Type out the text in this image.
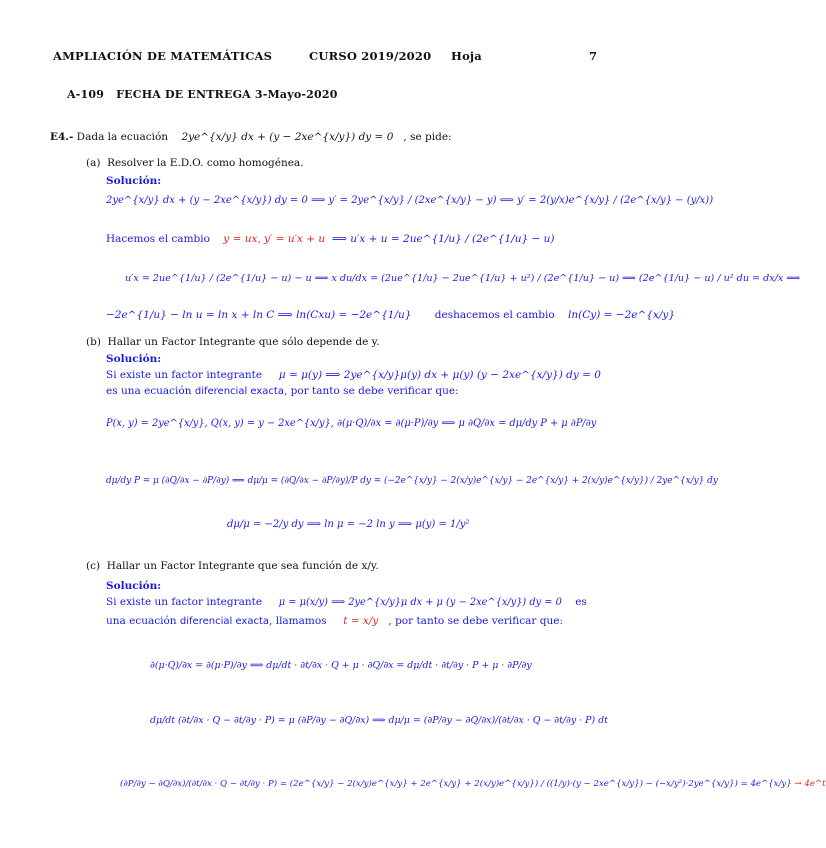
AMPLIACIÓN DE MATEMÁTICAS	CURSO 2019/2020 Hoja	7
A-109 FECHA DE ENTREGA 3-Mayo-2020
E4.- Dada la ecuación 2ye^{x/y} dx + (y − 2xe^{x/y}) dy = 0 , se pide:
(a) Resolver la E.D.O. como homogénea.
Solución:
2ye^{x/y} dx + (y − 2xe^{x/y}) dy = 0 ⟹ y′ = 2ye^{x/y} / (2xe^{x/y} − y) ⟺ y′ = 2(y/x)e^{x/y} / (2e^{x/y} − (y/x))
Hacemos el cambio y = ux, y′ = u′x + u ⟹ u′x + u = 2ue^{1/u} / (2e^{1/u} − u)
u′x = 2ue^{1/u} / (2e^{1/u} − u) − u ⟹ x du/dx = (2ue^{1/u} − 2ue^{1/u} + u²) / (2e^{1/u} − u) ⟹ (2e^{1/u} − u) / u² du = dx/x ⟹
−2e^{1/u} − ln u = ln x + ln C ⟹ ln(Cxu) = −2e^{1/u} deshacemos el cambio ln(Cy) = −2e^{x/y}
(b) Hallar un Factor Integrante que sólo depende de y.
Solución:
Si existe un factor integrante μ = μ(y) ⟹ 2ye^{x/y}μ(y) dx + μ(y) (y − 2xe^{x/y}) dy = 0
es una ecuación diferencial exacta, por tanto se debe verificar que:
P(x, y) = 2ye^{x/y}, Q(x, y) = y − 2xe^{x/y}, ∂(μ·Q)/∂x = ∂(μ·P)/∂y ⟺ μ ∂Q/∂x = dμ/dy P + μ ∂P/∂y
dμ/dy P = μ (∂Q/∂x − ∂P/∂y) ⟹ dμ/μ = (∂Q/∂x − ∂P/∂y)/P dy = (−2e^{x/y} − 2(x/y)e^{x/y} − 2e^{x/y} + 2(x/y)e^{x/y}) / 2ye^{x/y} dy
dμ/μ = −2/y dy ⟹ ln μ = −2 ln y ⟹ μ(y) = 1/y²
(c) Hallar un Factor Integrante que sea función de x/y.
Solución:
Si existe un factor integrante μ = μ(x/y) ⟹ 2ye^{x/y}μ dx + μ (y − 2xe^{x/y}) dy = 0 es
una ecuación diferencial exacta, llamamos t = x/y , por tanto se debe verificar que:
∂(μ·Q)/∂x = ∂(μ·P)/∂y ⟺ dμ/dt · ∂t/∂x · Q + μ · ∂Q/∂x = dμ/dt · ∂t/∂y · P + μ · ∂P/∂y
dμ/dt (∂t/∂x · Q − ∂t/∂y · P) = μ (∂P/∂y − ∂Q/∂x) ⟹ dμ/μ = (∂P/∂y − ∂Q/∂x)/(∂t/∂x · Q − ∂t/∂y · P) dt
(∂P/∂y − ∂Q/∂x)/(∂t/∂x · Q − ∂t/∂y · P) = (2e^{x/y} − 2(x/y)e^{x/y} + 2e^{x/y} + 2(x/y)e^{x/y}) / ((1/y)·(y − 2xe^{x/y}) − (−x/y²)·2ye^{x/y}) = 4e^{x/y} → 4e^t
